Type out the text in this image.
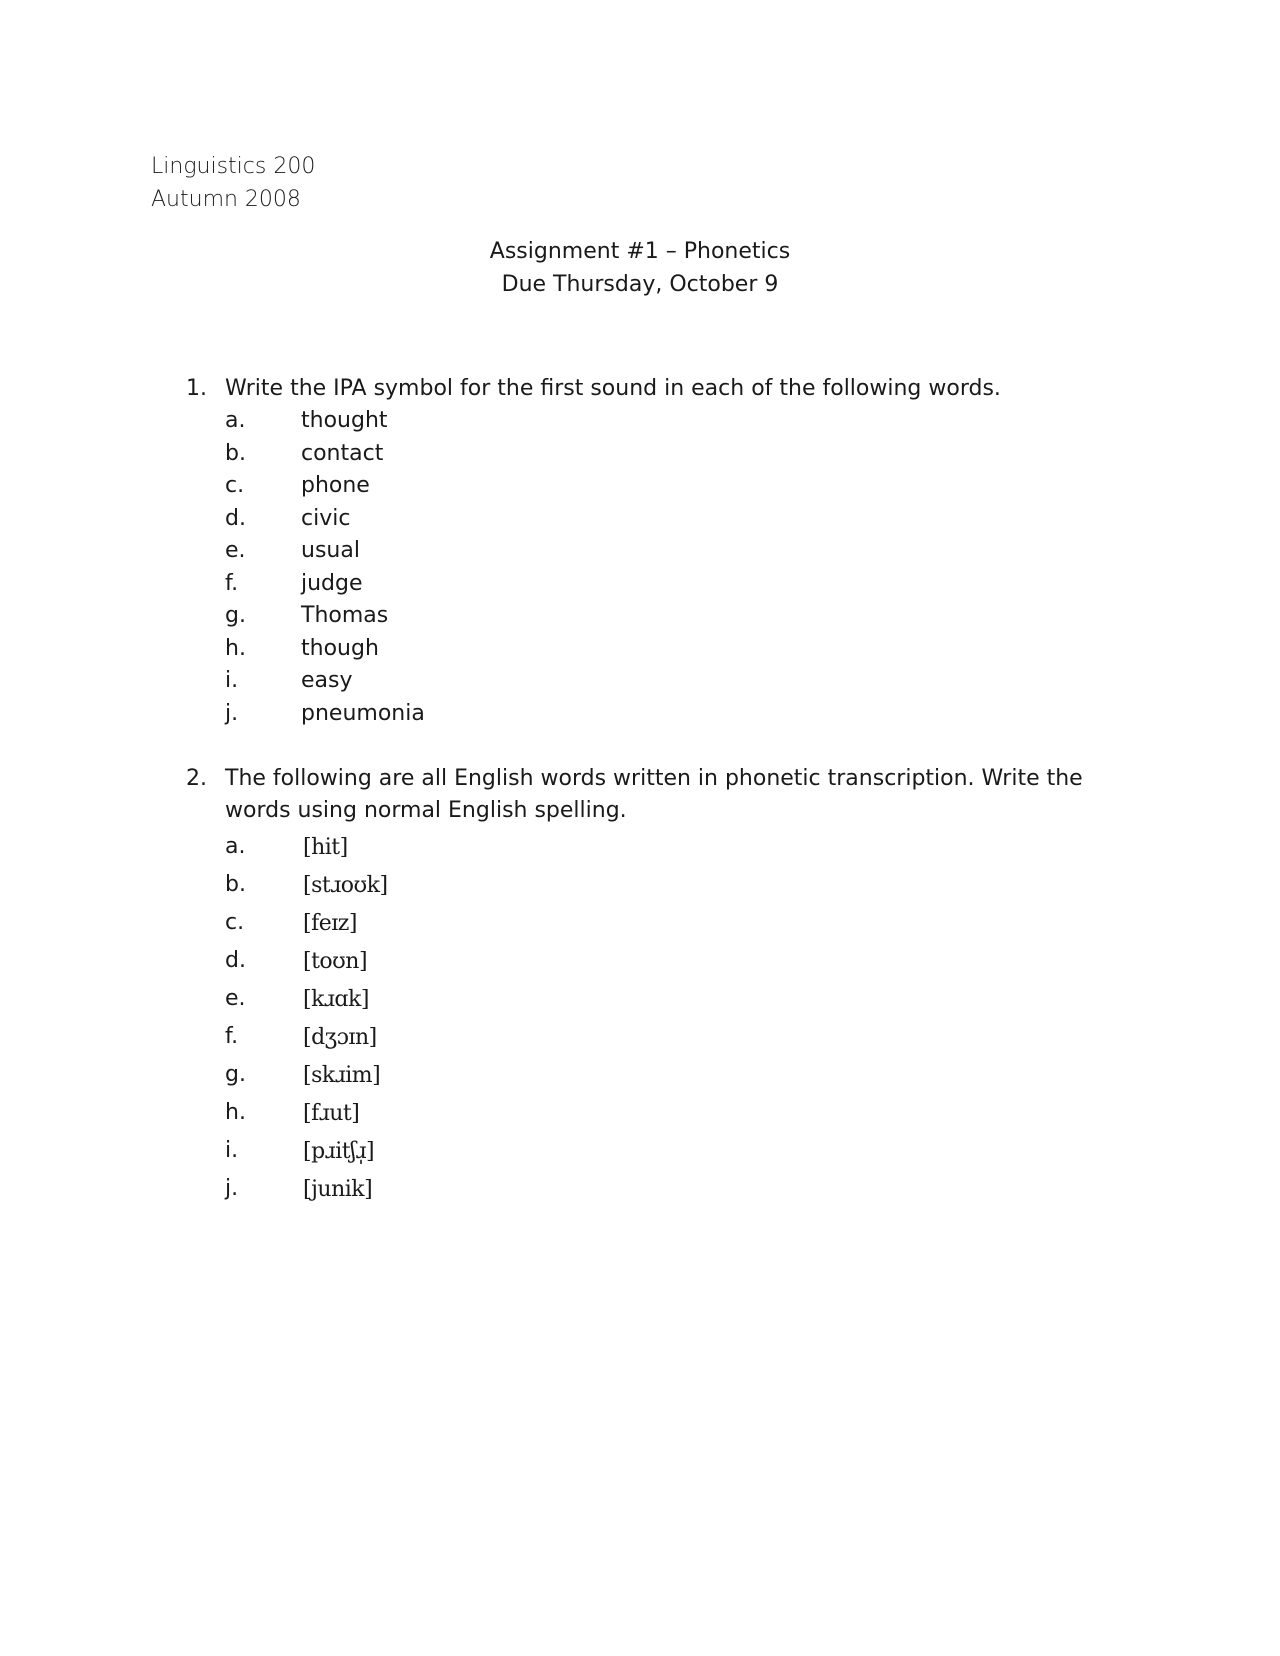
Linguistics 200
Autumn 2008
Assignment #1 – Phonetics
Due Thursday, October 9
1. Write the IPA symbol for the first sound in each of the following words.
a.	thought
b.	contact
c.	phone
d.	civic
e.	usual
f.	judge
g.	Thomas
h.	though
i.	easy
j.	pneumonia
2. The following are all English words written in phonetic transcription. Write the words using normal English spelling.
a.	[hit]
b.	[stɹoʊk]
c.	[feɪz]
d.	[toʊn]
e.	[kɹɑk]
f.	[dʒɔɪn]
g.	[skɹim]
h.	[fɹut]
i.	[pɹitʃɹ̩]
j.	[junik]
